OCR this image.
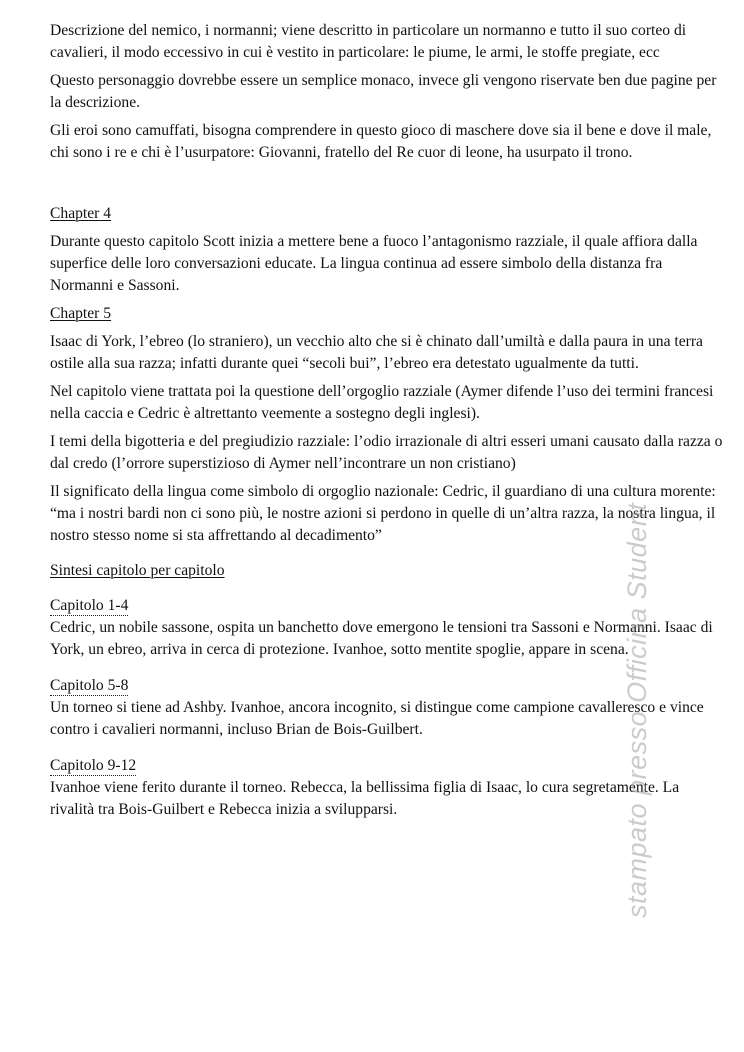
Descrizione del nemico, i normanni; viene descritto in particolare un normanno e tutto il suo corteo di cavalieri, il modo eccessivo in cui è vestito in particolare: le piume, le armi, le stoffe pregiate, ecc

Questo personaggio dovrebbe essere un semplice monaco, invece gli vengono riservate ben due pagine per la descrizione.

Gli eroi sono camuffati, bisogna comprendere in questo gioco di maschere dove sia il bene e dove il male, chi sono i re e chi è l’usurpatore: Giovanni, fratello del Re cuor di leone, ha usurpato il trono.

Chapter 4

Durante questo capitolo Scott inizia a mettere bene a fuoco l’antagonismo razziale, il quale affiora dalla superfice delle loro conversazioni educate. La lingua continua ad essere simbolo della distanza fra Normanni e Sassoni.

Chapter 5

Isaac di York, l’ebreo (lo straniero), un vecchio alto che si è chinato dall’umiltà e dalla paura in una terra ostile alla sua razza; infatti durante quei “secoli bui”, l’ebreo era detestato ugualmente da tutti.

Nel capitolo viene trattata poi la questione dell’orgoglio razziale (Aymer difende l’uso dei termini francesi nella caccia e Cedric è altrettanto veemente a sostegno degli inglesi).

I temi della bigotteria e del pregiudizio razziale: l’odio irrazionale di altri esseri umani causato dalla razza o dal credo (l’orrore superstizioso di Aymer nell’incontrare un non cristiano)

Il significato della lingua come simbolo di orgoglio nazionale: Cedric, il guardiano di una cultura morente: “ma i nostri bardi non ci sono più, le nostre azioni si perdono in quelle di un’altra razza, la nostra lingua, il nostro stesso nome si sta affrettando al decadimento”

Sintesi capitolo per capitolo

Capitolo 1-4

Cedric, un nobile sassone, ospita un banchetto dove emergono le tensioni tra Sassoni e Normanni. Isaac di York, un ebreo, arriva in cerca di protezione. Ivanhoe, sotto mentite spoglie, appare in scena.

Capitolo 5-8

Un torneo si tiene ad Ashby. Ivanhoe, ancora incognito, si distingue come campione cavalleresco e vince contro i cavalieri normanni, incluso Brian de Bois-Guilbert.

Capitolo 9-12

Ivanhoe viene ferito durante il torneo. Rebecca, la bellissima figlia di Isaac, lo cura segretamente. La rivalità tra Bois-Guilbert e Rebecca inizia a svilupparsi.	stampato presso Officina Student
